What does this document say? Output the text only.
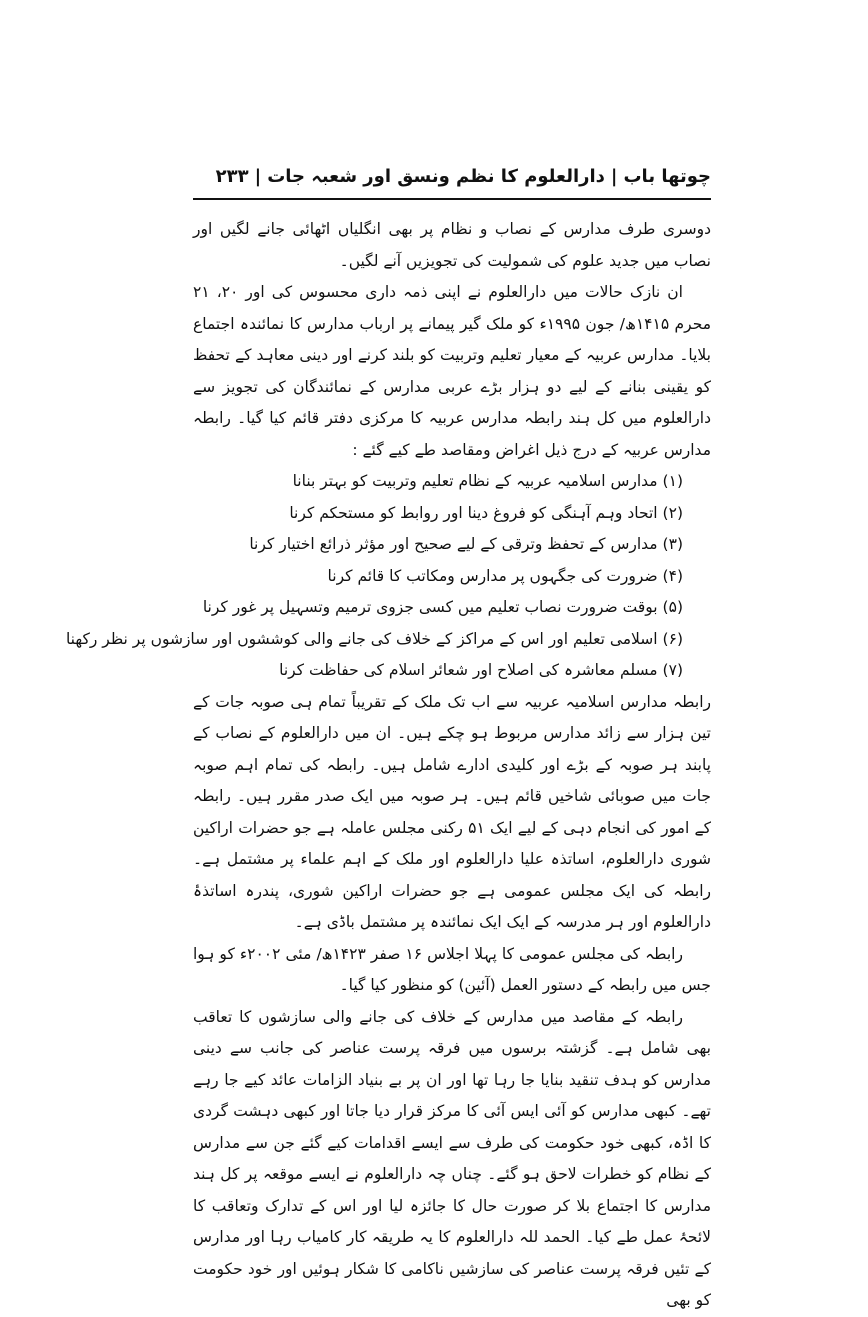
چوتھا باب|دارالعلوم کا نظم ونسق اور شعبہ جات|۲۳۳

دوسری طرف مدارس کے نصاب و نظام پر بھی انگلیاں اٹھائی جانے لگیں اور نصاب میں جدید علوم کی شمولیت کی تجویزیں آنے لگیں۔

ان نازک حالات میں دارالعلوم نے اپنی ذمہ داری محسوس کی اور ۲۰، ۲۱ محرم ۱۴۱۵ھ/ جون ۱۹۹۵ء کو ملک گیر پیمانے پر ارباب مدارس کا نمائندہ اجتماع بلایا۔ مدارس عربیہ کے معیار تعلیم وتربیت کو بلند کرنے اور دینی معاہد کے تحفظ کو یقینی بنانے کے لیے دو ہزار بڑے عربی مدارس کے نمائندگان کی تجویز سے دارالعلوم میں کل ہند رابطہ مدارس عربیہ کا مرکزی دفتر قائم کیا گیا۔ رابطہ مدارس عربیہ کے درج ذیل اغراض ومقاصد طے کیے گئے :

(۱) مدارس اسلامیہ عربیہ کے نظام تعلیم وتربیت کو بہتر بنانا
(۲) اتحاد وہم آہنگی کو فروغ دینا اور روابط کو مستحکم کرنا
(۳) مدارس کے تحفظ وترقی کے لیے صحیح اور مؤثر ذرائع اختیار کرنا
(۴) ضرورت کی جگہوں پر مدارس ومکاتب کا قائم کرنا
(۵) بوقت ضرورت نصاب تعلیم میں کسی جزوی ترمیم وتسہیل پر غور کرنا
(۶) اسلامی تعلیم اور اس کے مراکز کے خلاف کی جانے والی کوششوں اور سازشوں پر نظر رکھنا
(۷) مسلم معاشرہ کی اصلاح اور شعائر اسلام کی حفاظت کرنا

رابطہ مدارس اسلامیہ عربیہ سے اب تک ملک کے تقریباً تمام ہی صوبہ جات کے تین ہزار سے زائد مدارس مربوط ہو چکے ہیں۔ ان میں دارالعلوم کے نصاب کے پابند ہر صوبہ کے بڑے اور کلیدی ادارے شامل ہیں۔ رابطہ کی تمام اہم صوبہ جات میں صوبائی شاخیں قائم ہیں۔ ہر صوبہ میں ایک صدر مقرر ہیں۔ رابطہ کے امور کی انجام دہی کے لیے ایک ۵۱ رکنی مجلس عاملہ ہے جو حضرات اراکین شوری دارالعلوم، اساتذہ علیا دارالعلوم اور ملک کے اہم علماء پر مشتمل ہے۔ رابطہ کی ایک مجلس عمومی ہے جو حضرات اراکین شوری، پندرہ اساتذۂ دارالعلوم اور ہر مدرسہ کے ایک ایک نمائندہ پر مشتمل باڈی ہے۔

رابطہ کی مجلس عمومی کا پہلا اجلاس ۱۶ صفر ۱۴۲۳ھ/ مئی ۲۰۰۲ء کو ہوا جس میں رابطہ کے دستور العمل (آئین) کو منظور کیا گیا۔

رابطہ کے مقاصد میں مدارس کے خلاف کی جانے والی سازشوں کا تعاقب بھی شامل ہے۔ گزشتہ برسوں میں فرقہ پرست عناصر کی جانب سے دینی مدارس کو ہدف تنقید بنایا جا رہا تھا اور ان پر بے بنیاد الزامات عائد کیے جا رہے تھے۔ کبھی مدارس کو آئی ایس آئی کا مرکز قرار دیا جاتا اور کبھی دہشت گردی کا اڈہ، کبھی خود حکومت کی طرف سے ایسے اقدامات کیے گئے جن سے مدارس کے نظام کو خطرات لاحق ہو گئے۔ چناں چہ دارالعلوم نے ایسے موقعہ پر کل ہند مدارس کا اجتماع بلا کر صورت حال کا جائزہ لیا اور اس کے تدارک وتعاقب کا لائحۂ عمل طے کیا۔ الحمد للہ دارالعلوم کا یہ طریقہ کار کامیاب رہا اور مدارس کے تئیں فرقہ پرست عناصر کی سازشیں ناکامی کا شکار ہوئیں اور خود حکومت کو بھی
